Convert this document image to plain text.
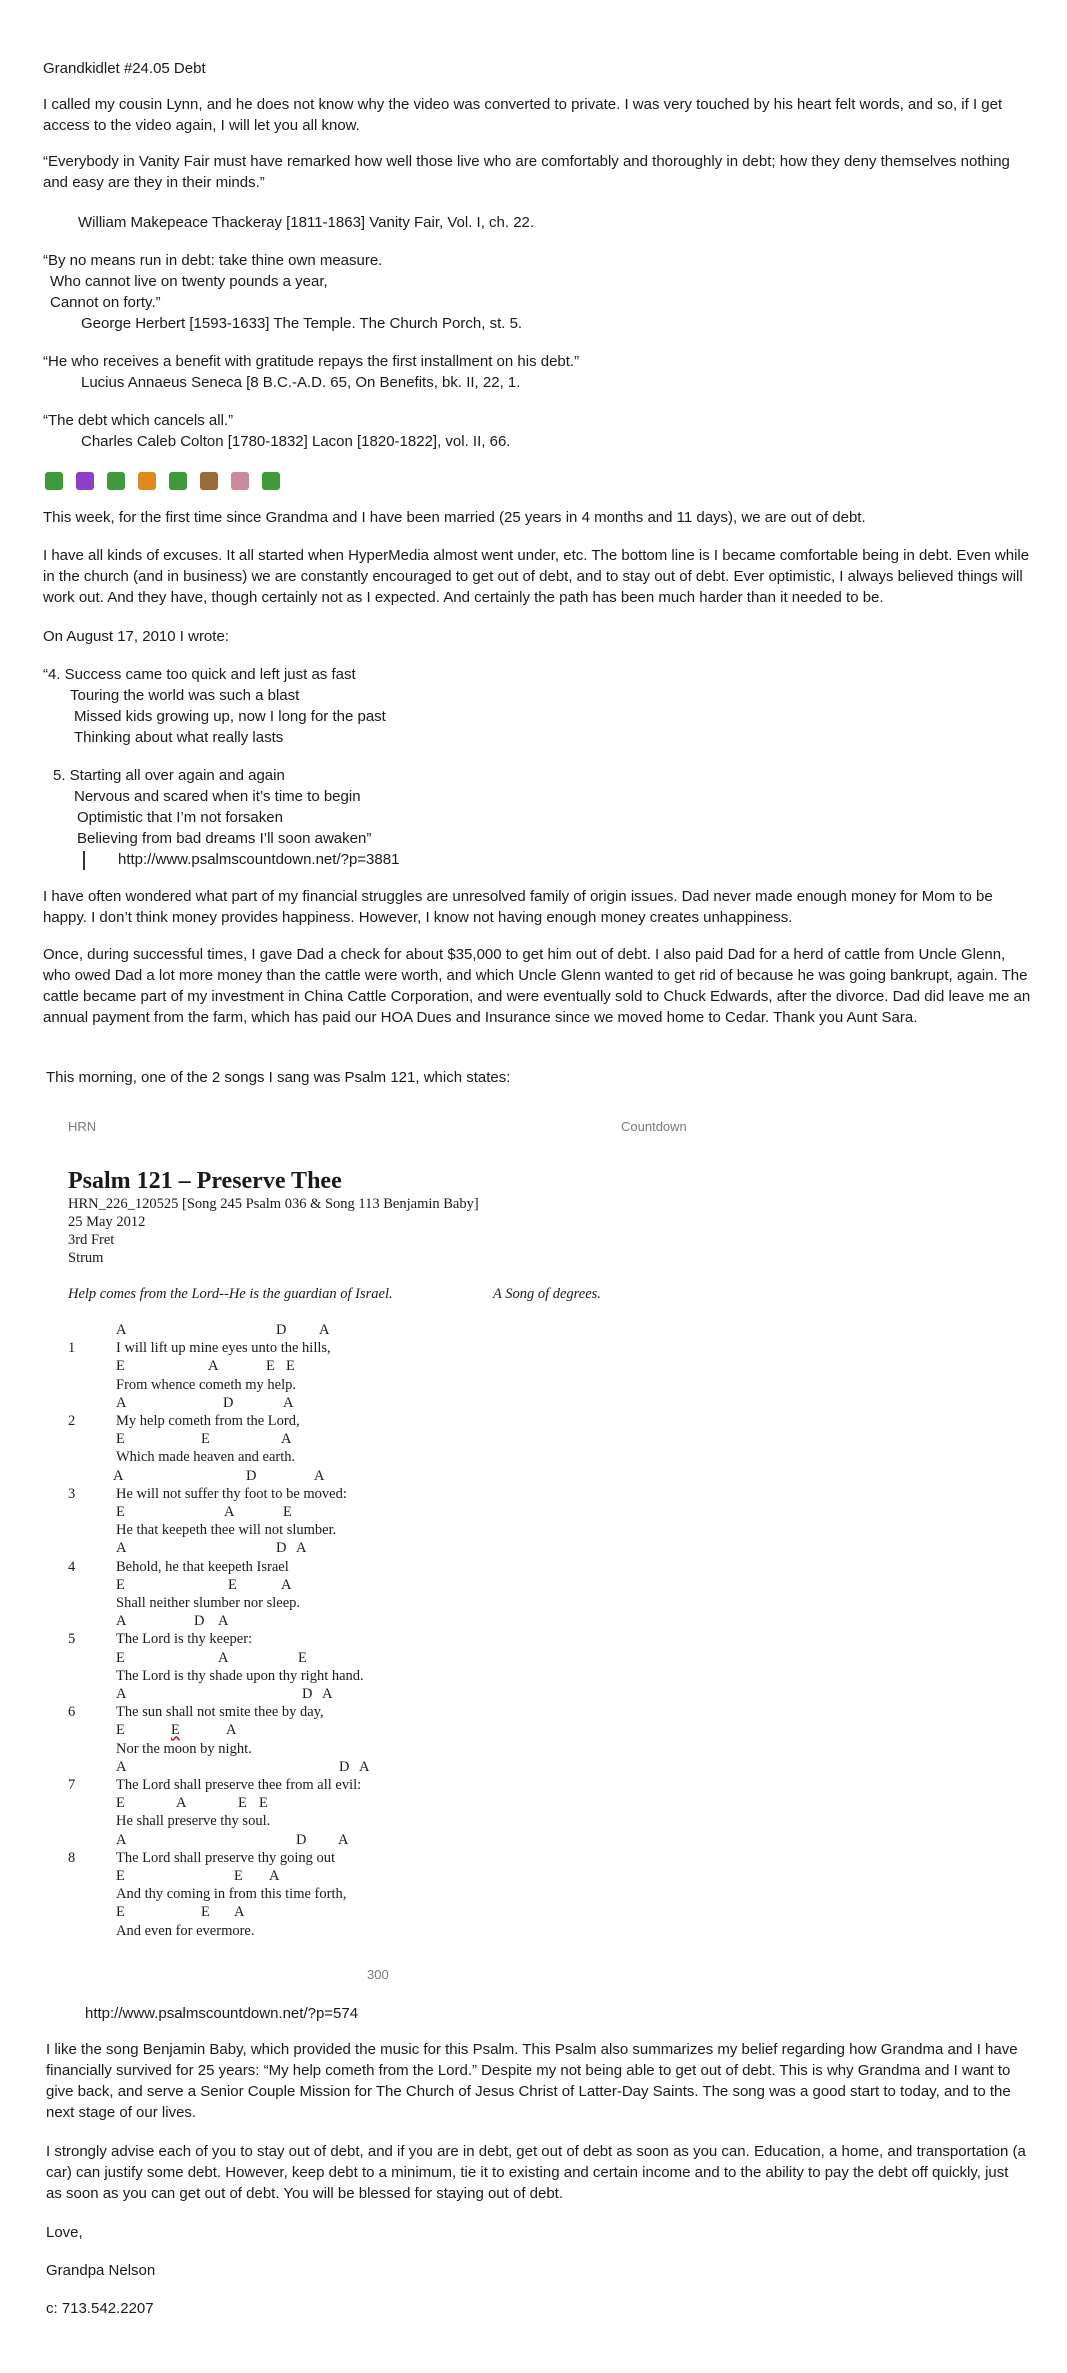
Grandkidlet #24.05 Debt
I called my cousin Lynn, and he does not know why the video was converted to private. I was very touched by his heart felt words, and so, if I get access to the video again, I will let you all know.
“Everybody in Vanity Fair must have remarked how well those live who are comfortably and thoroughly in debt; how they deny themselves nothing and easy are they in their minds.”
William Makepeace Thackeray [1811-1863] Vanity Fair, Vol. I, ch. 22.
“By no means run in debt: take thine own measure.
Who cannot live on twenty pounds a year,
Cannot on forty.”
George Herbert [1593-1633] The Temple. The Church Porch, st. 5.
“He who receives a benefit with gratitude repays the first installment on his debt.”
Lucius Annaeus Seneca [8 B.C.-A.D. 65, On Benefits, bk. II, 22, 1.
“The debt which cancels all.”
Charles Caleb Colton [1780-1832] Lacon [1820-1822], vol. II, 66.
This week, for the first time since Grandma and I have been married (25 years in 4 months and 11 days), we are out of debt.
I have all kinds of excuses. It all started when HyperMedia almost went under, etc. The bottom line is I became comfortable being in debt. Even while in the church (and in business) we are constantly encouraged to get out of debt, and to stay out of debt. Ever optimistic, I always believed things will work out. And they have, though certainly not as I expected. And certainly the path has been much harder than it needed to be.
On August 17, 2010 I wrote:
“4. Success came too quick and left just as fast
Touring the world was such a blast
Missed kids growing up, now I long for the past
Thinking about what really lasts
5. Starting all over again and again
Nervous and scared when it’s time to begin
Optimistic that I’m not forsaken
Believing from bad dreams I’ll soon awaken”
http://www.psalmscountdown.net/?p=3881
I have often wondered what part of my financial struggles are unresolved family of origin issues. Dad never made enough money for Mom to be happy. I don’t think money provides happiness. However, I know not having enough money creates unhappiness.
Once, during successful times, I gave Dad a check for about $35,000 to get him out of debt. I also paid Dad for a herd of cattle from Uncle Glenn, who owed Dad a lot more money than the cattle were worth, and which Uncle Glenn wanted to get rid of because he was going bankrupt, again. The cattle became part of my investment in China Cattle Corporation, and were eventually sold to Chuck Edwards, after the divorce. Dad did leave me an annual payment from the farm, which has paid our HOA Dues and Insurance since we moved home to Cedar. Thank you Aunt Sara.
This morning, one of the 2 songs I sang was Psalm 121, which states:
HRN	Countdown
Psalm 121 – Preserve Thee
HRN_226_120525 [Song 245 Psalm 036 & Song 113 Benjamin Baby]
25 May 2012
3rd Fret
Strum
Help comes from the Lord--He is the guardian of Israel.	A Song of degrees.
A	D A
1	I will lift up mine eyes unto the hills,
E	A	E E
From whence cometh my help.
A	D	A
2	My help cometh from the Lord,
E	E	A
Which made heaven and earth.
A	D	A
3	He will not suffer thy foot to be moved:
E	A	E
He that keepeth thee will not slumber.
A	D A
4	Behold, he that keepeth Israel
E	E	A
Shall neither slumber nor sleep.
A	D A
5	The Lord is thy keeper:
E	A	E
The Lord is thy shade upon thy right hand.
A	D A
6	The sun shall not smite thee by day,
E	E	A
Nor the moon by night.
A	D A
7	The Lord shall preserve thee from all evil:
E	A	E E
He shall preserve thy soul.
A	D A
8	The Lord shall preserve thy going out
E	E A
And thy coming in from this time forth,
E	E A
And even for evermore.
300
http://www.psalmscountdown.net/?p=574
I like the song Benjamin Baby, which provided the music for this Psalm. This Psalm also summarizes my belief regarding how Grandma and I have financially survived for 25 years: “My help cometh from the Lord.” Despite my not being able to get out of debt. This is why Grandma and I want to give back, and serve a Senior Couple Mission for The Church of Jesus Christ of Latter-Day Saints. The song was a good start to today, and to the next stage of our lives.
I strongly advise each of you to stay out of debt, and if you are in debt, get out of debt as soon as you can. Education, a home, and transportation (a car) can justify some debt. However, keep debt to a minimum, tie it to existing and certain income and to the ability to pay the debt off quickly, just as soon as you can get out of debt. You will be blessed for staying out of debt.
Love,
Grandpa Nelson
c: 713.542.2207
